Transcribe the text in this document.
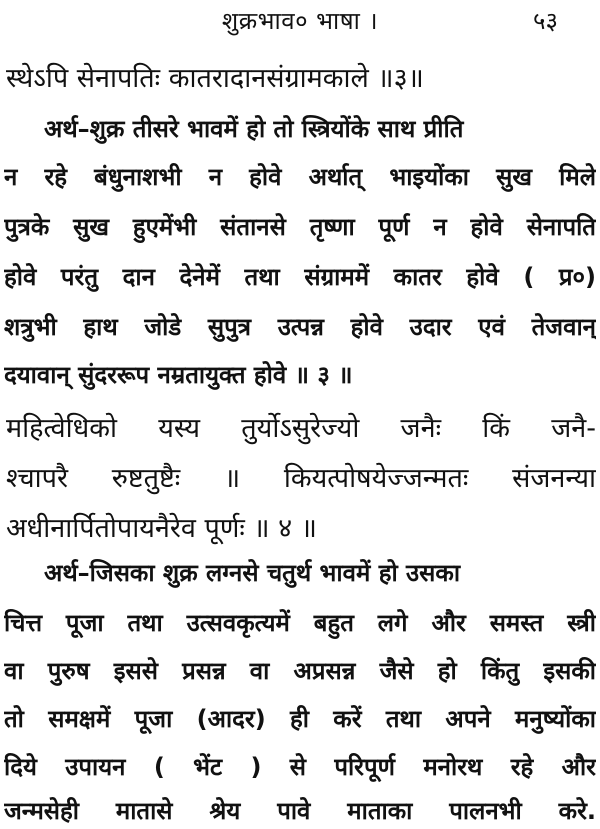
शुक्रभाव० भाषा ।	५३
स्थेऽपि सेनापतिः कातरादानसंग्रामकाले ॥३॥
अर्थ–शुक्र तीसरे भावमें हो तो स्त्रियोंके साथ प्रीति
न रहे बंधुनाशभी न होवे अर्थात् भाइयोंका सुख मिले
पुत्रके सुख हुएमेंभी संतानसे तृष्णा पूर्ण न होवे सेनापति
होवे परंतु दान देनेमें तथा संग्राममें कातर होवे ( प्र०)
शत्रुभी हाथ जोडे सुपुत्र उत्पन्न होवे उदार एवं तेजवान्
दयावान् सुंदररूप नम्रतायुक्त होवे ॥ ३ ॥
महित्वेधिको यस्य तुर्योऽसुरेज्यो जनैः किं जनै-
श्चापरै रुष्टतुष्टैः ॥ कियत्पोषयेज्जन्मतः संजनन्या
अधीनार्पितोपायनैरेव पूर्णः ॥ ४ ॥
अर्थ–जिसका शुक्र लग्नसे चतुर्थ भावमें हो उसका
चित्त पूजा तथा उत्सवकृत्यमें बहुत लगे और समस्त स्त्री
वा पुरुष इससे प्रसन्न वा अप्रसन्न जैसे हो किंतु इसकी
तो समक्षमें पूजा (आदर) ही करें तथा अपने मनुष्योंका
दिये उपायन ( भेंट ) से परिपूर्ण मनोरथ रहे और
जन्मसेही मातासे श्रेय पावे माताका पालनभी करे.
